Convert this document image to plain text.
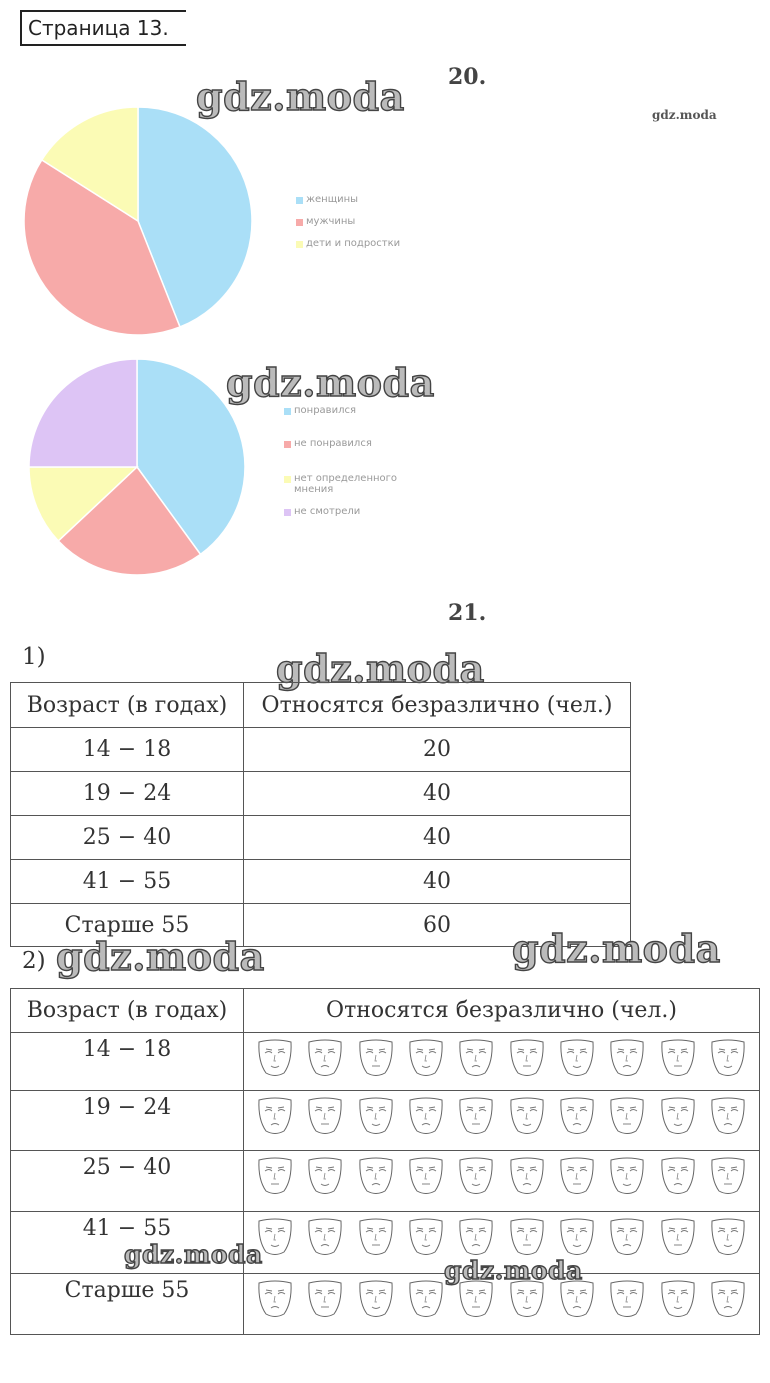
Страница 13.
20.
gdz.moda	gdz.moda
женщины
мужчины
дети и подростки
понравился
не понравился
нет определенного мнения
не смотрели
gdz.moda
21.
1)	gdz.moda
Возраст (в годах)	Относятся безразлично (чел.)
14 − 18	20
19 − 24	40
25 − 40	40
41 − 55	40
Старше 55	60
2) gdz.moda	gdz.moda
Возраст (в годах)	Относятся безразлично (чел.)
14 − 18	

19 − 24	

25 − 40	

41 − 55	

Старше 55	
gdz.moda
gdz.moda
